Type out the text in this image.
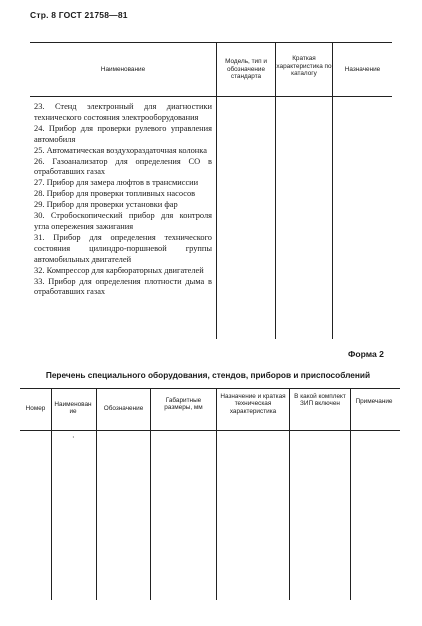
Стр. 8 ГОСТ 21758—81
Наименование
Модель, тип и обозначение стандарта
Краткая характеристика по каталогу
Назначение
23. Стенд электронный для диагностики технического состояния электрооборудования
24. Прибор для проверки рулевого управления автомобиля
25. Автоматическая воздухораздаточная колонка
26. Газоанализатор для определения СО в отработавших газах
27. Прибор для замера люфтов в трансмиссии
28. Прибор для проверки топливных насосов
29. Прибор для проверки установки фар
30. Стробоскопический прибор для контроля угла опережения зажигания
31. Прибор для определения технического состояния цилиндро-поршневой группы автомобильных двигателей
32. Компрессор для карбюраторных двигателей
33. Прибор для определения плотности дыма в отработавших газах
Форма 2
Перечень специального оборудования, стендов, приборов и приспособлений
Номер
Наименование	Обозначение
Габаритные размеры, мм
Назначение и краткая техническая характеристика
В какой комплект ЗИП включен	Примечание
·
